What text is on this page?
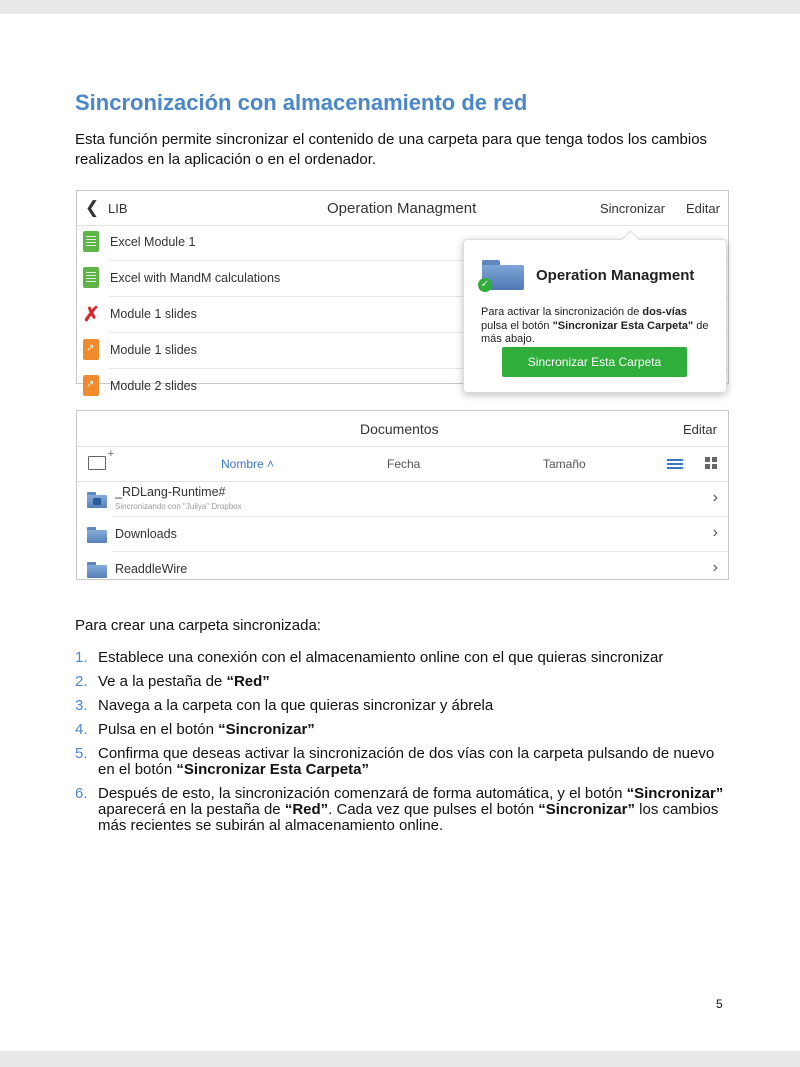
Sincronización con almacenamiento de red

Esta función permite sincronizar el contenido de una carpeta para que tenga todos los cambios realizados en la aplicación o en el ordenador.

❮ LIB	Operation Managment	Sincronizar Editar
Excel Module 1
Excel with MandM calculations
✗
Module 1 slides
↗
Module 1 slides
↗
Module 2 slides
✓
Operation Managment
Para activar la sincronización de dos-vías pulsa el botón "Sincronizar Esta Carpeta" de más abajo.
Sincronizar Esta Carpeta
Documentos	Editar
+
Nombre ˄	Fecha	Tamaño
_RDLang-Runtime#
Sincronizando con "Juliya" Dropbox
›
Downloads	›
ReaddleWire	›

Para crear una carpeta sincronizada:

1. Establece una conexión con el almacenamiento online con el que quieras sincronizar
2. Ve a la pestaña de “Red”
3. Navega a la carpeta con la que quieras sincronizar y ábrela
4. Pulsa en el botón “Sincronizar”
5. Confirma que deseas activar la sincronización de dos vías con la carpeta pulsando de nuevo en el botón “Sincronizar Esta Carpeta”
6. Después de esto, la sincronización comenzará de forma automática, y el botón “Sincronizar” aparecerá en la pestaña de “Red”. Cada vez que pulses el botón “Sincronizar” los cambios más recientes se subirán al almacenamiento online.
5
